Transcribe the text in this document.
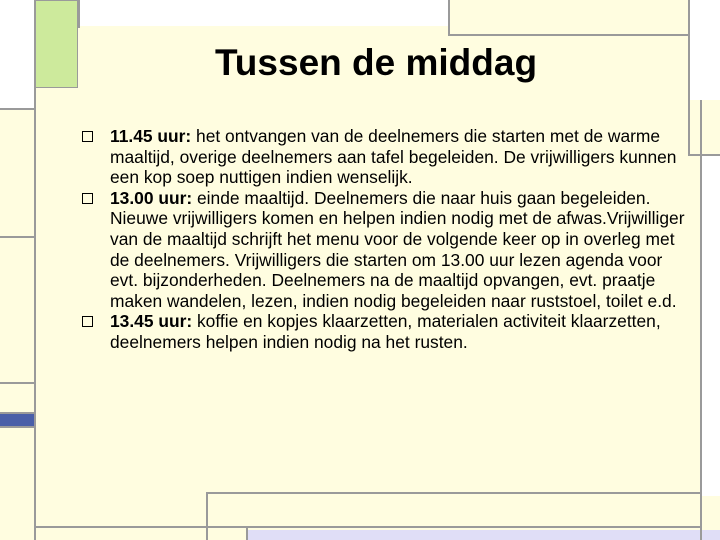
Tussen de middag
11.45 uur: het ontvangen van de deelnemers die starten met de warme maaltijd, overige deelnemers aan tafel begeleiden. De vrijwilligers kunnen een kop soep nuttigen indien wenselijk.
13.00 uur: einde maaltijd. Deelnemers die naar huis gaan begeleiden. Nieuwe vrijwilligers komen en helpen indien nodig met de afwas.Vrijwilliger van de maaltijd schrijft het menu voor de volgende keer op in overleg met de deelnemers. Vrijwilligers die starten om 13.00 uur lezen agenda voor evt. bijzonderheden. Deelnemers na de maaltijd opvangen, evt. praatje maken wandelen, lezen, indien nodig begeleiden naar ruststoel, toilet e.d.
13.45 uur: koffie en kopjes klaarzetten, materialen activiteit klaarzetten, deelnemers helpen indien nodig na het rusten.
